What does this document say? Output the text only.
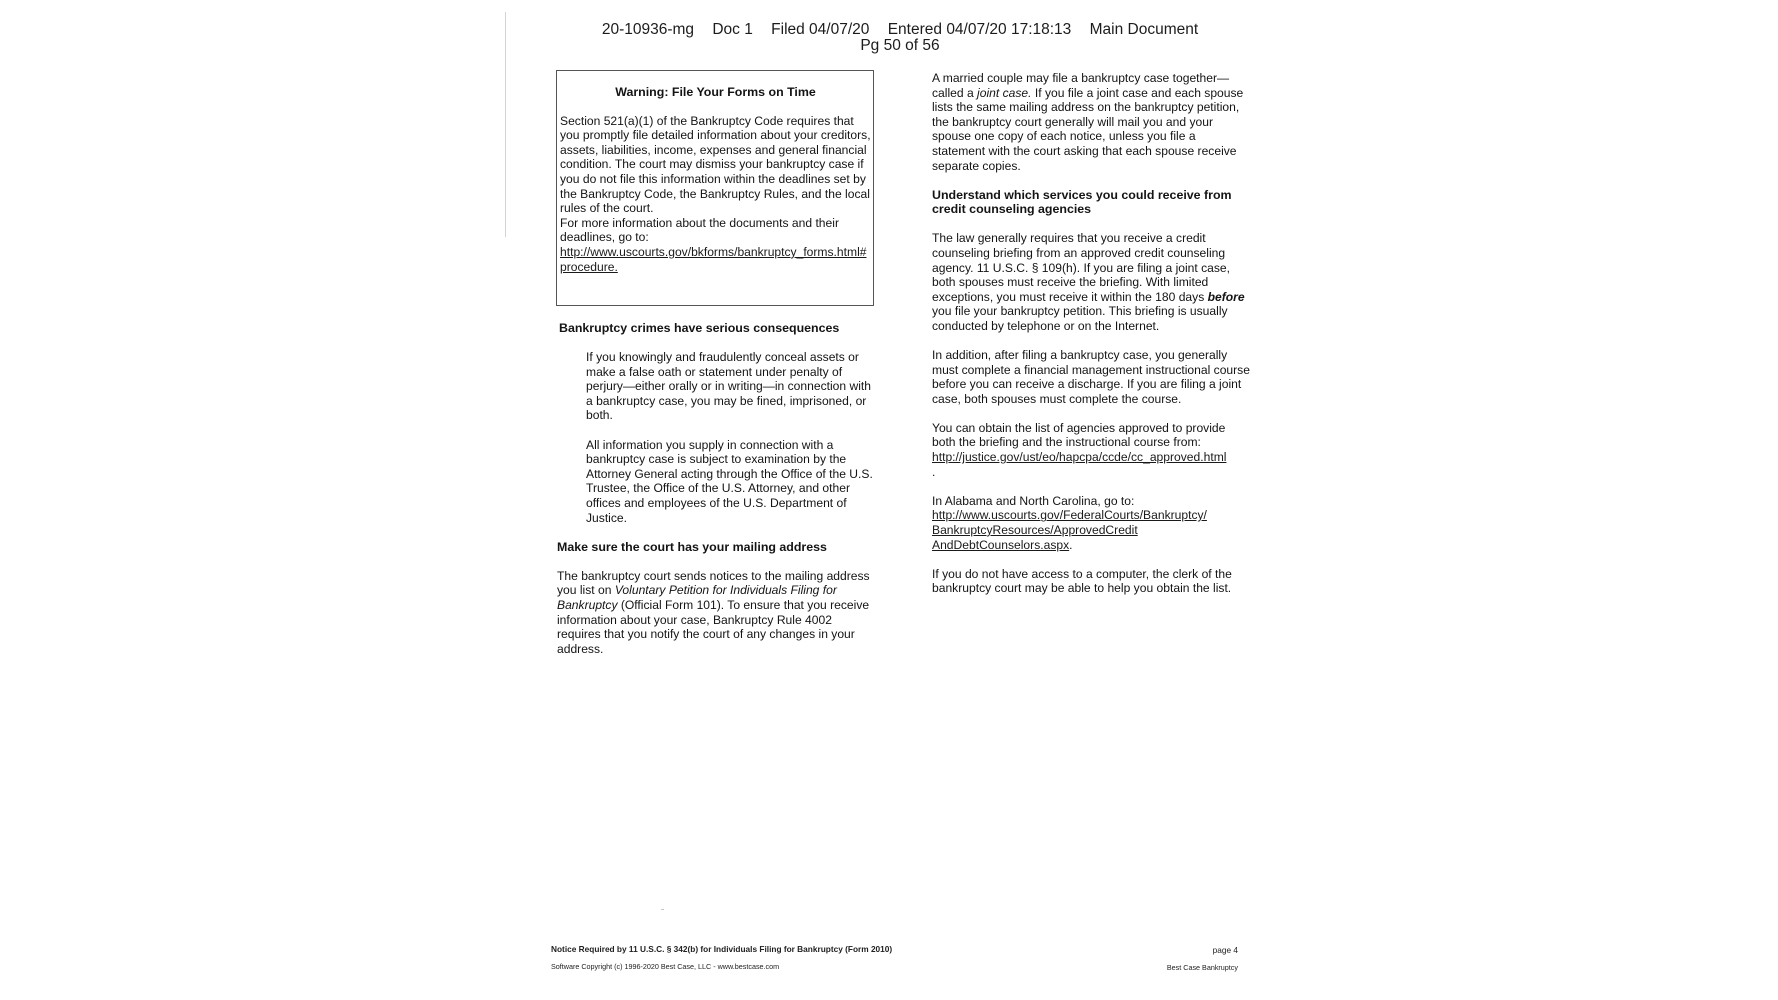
20-10936-mg Doc 1 Filed 04/07/20 Entered 04/07/20 17:18:13 Main Document
Pg 50 of 56
Warning: File Your Forms on Time

Section 521(a)(1) of the Bankruptcy Code requires that you promptly file detailed information about your creditors, assets, liabilities, income, expenses and general financial condition. The court may dismiss your bankruptcy case if you do not file this information within the deadlines set by the Bankruptcy Code, the Bankruptcy Rules, and the local rules of the court.

For more information about the documents and their deadlines, go to:

http://www.uscourts.gov/bkforms/bankruptcy_forms.html#procedure.

Bankruptcy crimes have serious consequences

If you knowingly and fraudulently conceal assets or make a false oath or statement under penalty of perjury—either orally or in writing—in connection with a bankruptcy case, you may be fined, imprisoned, or both.

All information you supply in connection with a bankruptcy case is subject to examination by the Attorney General acting through the Office of the U.S. Trustee, the Office of the U.S. Attorney, and other offices and employees of the U.S. Department of Justice.

Make sure the court has your mailing address

The bankruptcy court sends notices to the mailing address you list on Voluntary Petition for Individuals Filing for Bankruptcy (Official Form 101). To ensure that you receive information about your case, Bankruptcy Rule 4002 requires that you notify the court of any changes in your address.

A married couple may file a bankruptcy case together—called a joint case. If you file a joint case and each spouse lists the same mailing address on the bankruptcy petition, the bankruptcy court generally will mail you and your spouse one copy of each notice, unless you file a statement with the court asking that each spouse receive separate copies.

Understand which services you could receive from credit counseling agencies

The law generally requires that you receive a credit counseling briefing from an approved credit counseling agency. 11 U.S.C. § 109(h). If you are filing a joint case, both spouses must receive the briefing. With limited exceptions, you must receive it within the 180 days before you file your bankruptcy petition. This briefing is usually conducted by telephone or on the Internet.

In addition, after filing a bankruptcy case, you generally must complete a financial management instructional course before you can receive a discharge. If you are filing a joint case, both spouses must complete the course.

You can obtain the list of agencies approved to provide both the briefing and the instructional course from:

http://justice.gov/ust/eo/hapcpa/ccde/cc_approved.html

.

In Alabama and North Carolina, go to:

http://www.uscourts.gov/FederalCourts/Bankruptcy/
BankruptcyResources/ApprovedCredit
AndDebtCounselors.aspx.

If you do not have access to a computer, the clerk of the bankruptcy court may be able to help you obtain the list.

Notice Required by 11 U.S.C. § 342(b) for Individuals Filing for Bankruptcy (Form 2010)
Software Copyright (c) 1996-2020 Best Case, LLC - www.bestcase.com
page 4
Best Case Bankruptcy
